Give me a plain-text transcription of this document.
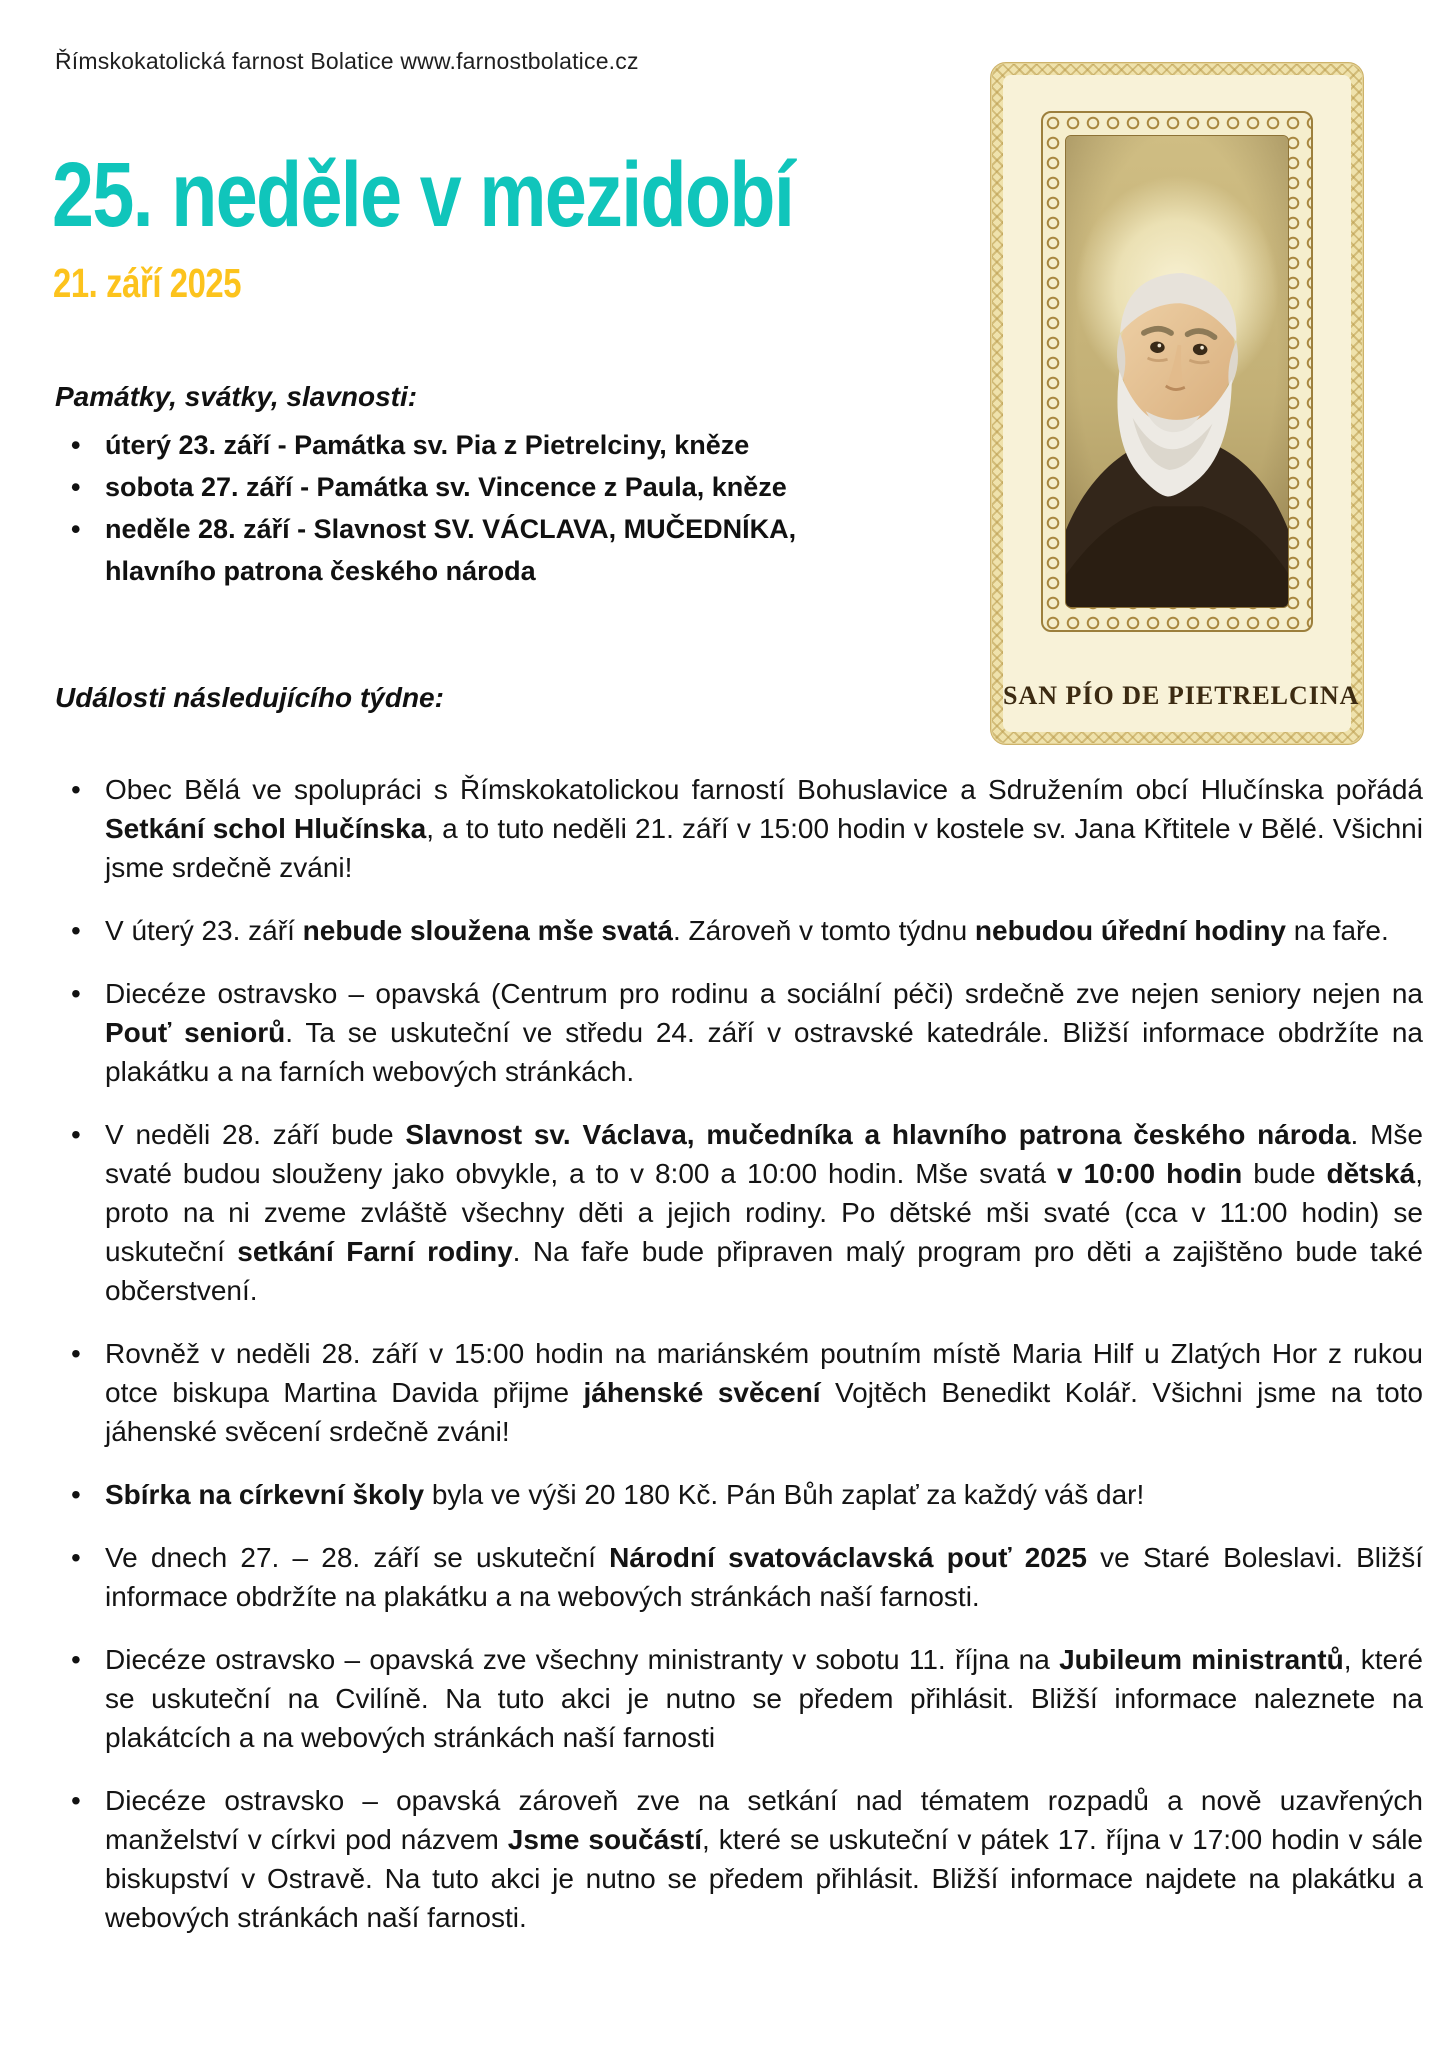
Římskokatolická farnost Bolatice www.farnostbolatice.cz
25. neděle v mezidobí
21. září 2025
Památky, svátky, slavnosti:
• úterý 23. září - Památka sv. Pia z Pietrelciny, kněze
• sobota 27. září - Památka sv. Vincence z Paula, kněze
• neděle 28. září - Slavnost SV. VÁCLAVA, MUČEDNÍKA, hlavního patrona českého národa
Události následujícího týdne:
• Obec Bělá ve spolupráci s Římskokatolickou farností Bohuslavice a Sdružením obcí Hlučínska pořádá Setkání schol Hlučínska, a to tuto neděli 21. září v 15:00 hodin v kostele sv. Jana Křtitele v Bělé. Všichni jsme srdečně zváni!
• V úterý 23. září nebude sloužena mše svatá. Zároveň v tomto týdnu nebudou úřední hodiny na faře.
• Diecéze ostravsko – opavská (Centrum pro rodinu a sociální péči) srdečně zve nejen seniory nejen na Pouť seniorů. Ta se uskuteční ve středu 24. září v ostravské katedrále. Bližší informace obdržíte na plakátku a na farních webových stránkách.
• V neděli 28. září bude Slavnost sv. Václava, mučedníka a hlavního patrona českého národa. Mše svaté budou slouženy jako obvykle, a to v 8:00 a 10:00 hodin. Mše svatá v 10:00 hodin bude dětská, proto na ni zveme zvláště všechny děti a jejich rodiny. Po dětské mši svaté (cca v 11:00 hodin) se uskuteční setkání Farní rodiny. Na faře bude připraven malý program pro děti a zajištěno bude také občerstvení.
• Rovněž v neděli 28. září v 15:00 hodin na mariánském poutním místě Maria Hilf u Zlatých Hor z rukou otce biskupa Martina Davida přijme jáhenské svěcení Vojtěch Benedikt Kolář. Všichni jsme na toto jáhenské svěcení srdečně zváni!
• Sbírka na církevní školy byla ve výši 20 180 Kč. Pán Bůh zaplať za každý váš dar!
• Ve dnech 27. – 28. září se uskuteční Národní svatováclavská pouť 2025 ve Staré Boleslavi. Bližší informace obdržíte na plakátku a na webových stránkách naší farnosti.
• Diecéze ostravsko – opavská zve všechny ministranty v sobotu 11. října na Jubileum ministrantů, které se uskuteční na Cvilíně. Na tuto akci je nutno se předem přihlásit. Bližší informace naleznete na plakátcích a na webových stránkách naší farnosti
• Diecéze ostravsko – opavská zároveň zve na setkání nad tématem rozpadů a nově uzavřených manželství v církvi pod názvem Jsme součástí, které se uskuteční v pátek 17. října v 17:00 hodin v sále biskupství v Ostravě. Na tuto akci je nutno se předem přihlásit. Bližší informace najdete na plakátku a webových stránkách naší farnosti.
SAN PÍO DE PIETRELCINA
